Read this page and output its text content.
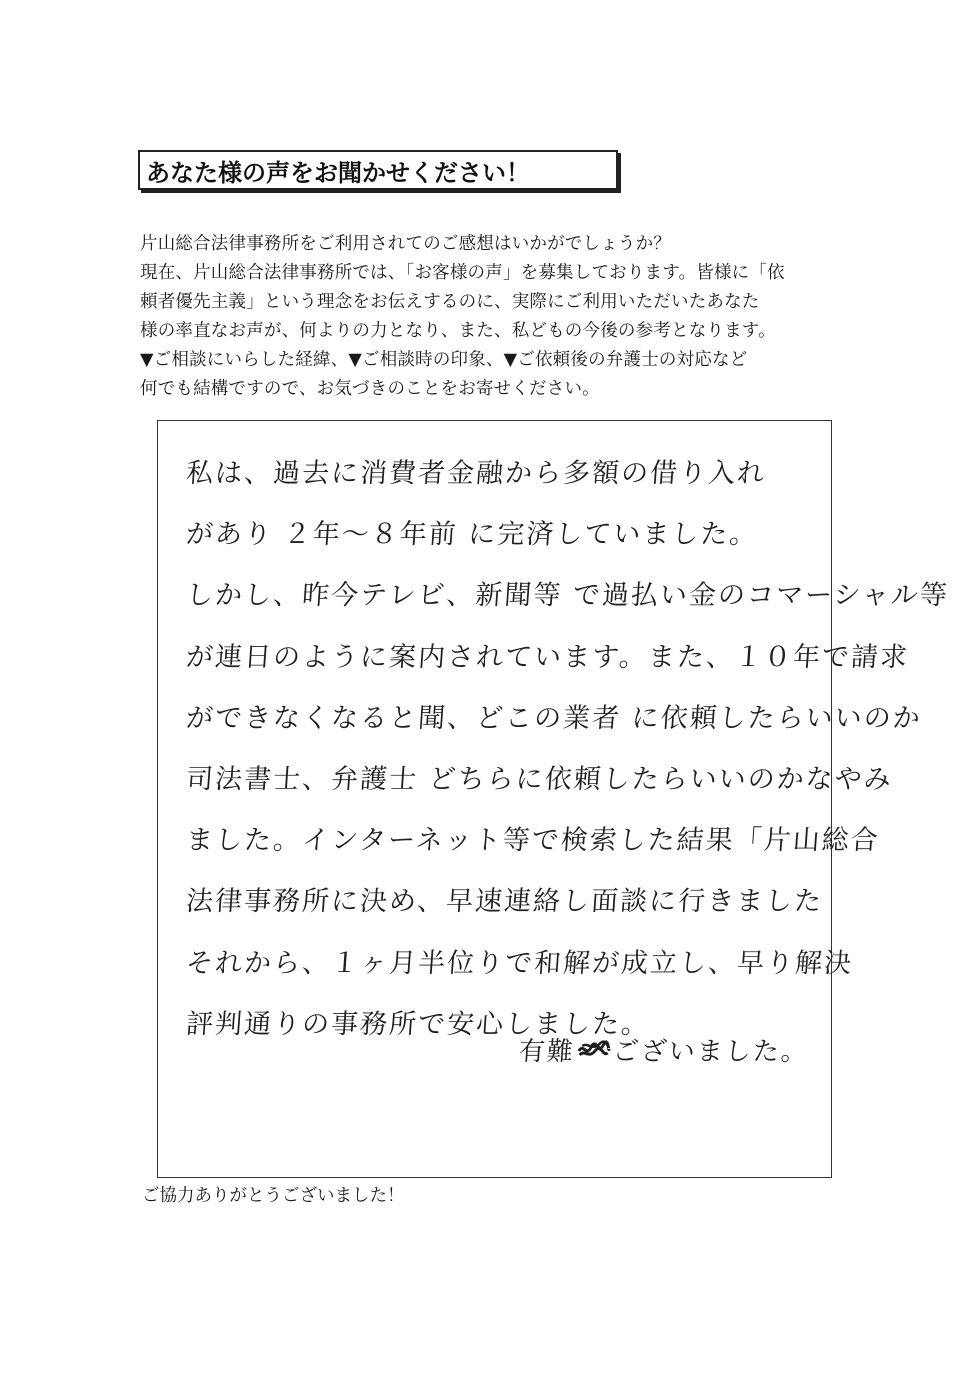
あなた様の声をお聞かせください！
片山総合法律事務所をご利用されてのご感想はいかがでしょうか？
現在、片山総合法律事務所では、「お客様の声」を募集しております。皆様に「依
頼者優先主義」という理念をお伝えするのに、実際にご利用いただいたあなた
様の率直なお声が、何よりの力となり、また、私どもの今後の参考となります。
▼ご相談にいらした経緯、▼ご相談時の印象、▼ご依頼後の弁護士の対応など
何でも結構ですので、お気づきのことをお寄せください。
私は、過去に消費者金融から多額の借り入れ
があり ２年〜８年前 に完済していました。
しかし、昨今テレビ、新聞等 で過払い金のコマーシャル等
が連日のように案内されています。また、１０年で請求
ができなくなると聞、どこの業者 に依頼したらいいのか
司法書士、弁護士 どちらに依頼したらいいのかなやみ
ました。インターネット等で検索した結果「片山総合
法律事務所に決め、早速連絡し面談に行きました
それから、１ヶ月半位りで和解が成立し、早り解決
評判通りの事務所で安心しました。
有難 ございました。
ご協力ありがとうございました！
